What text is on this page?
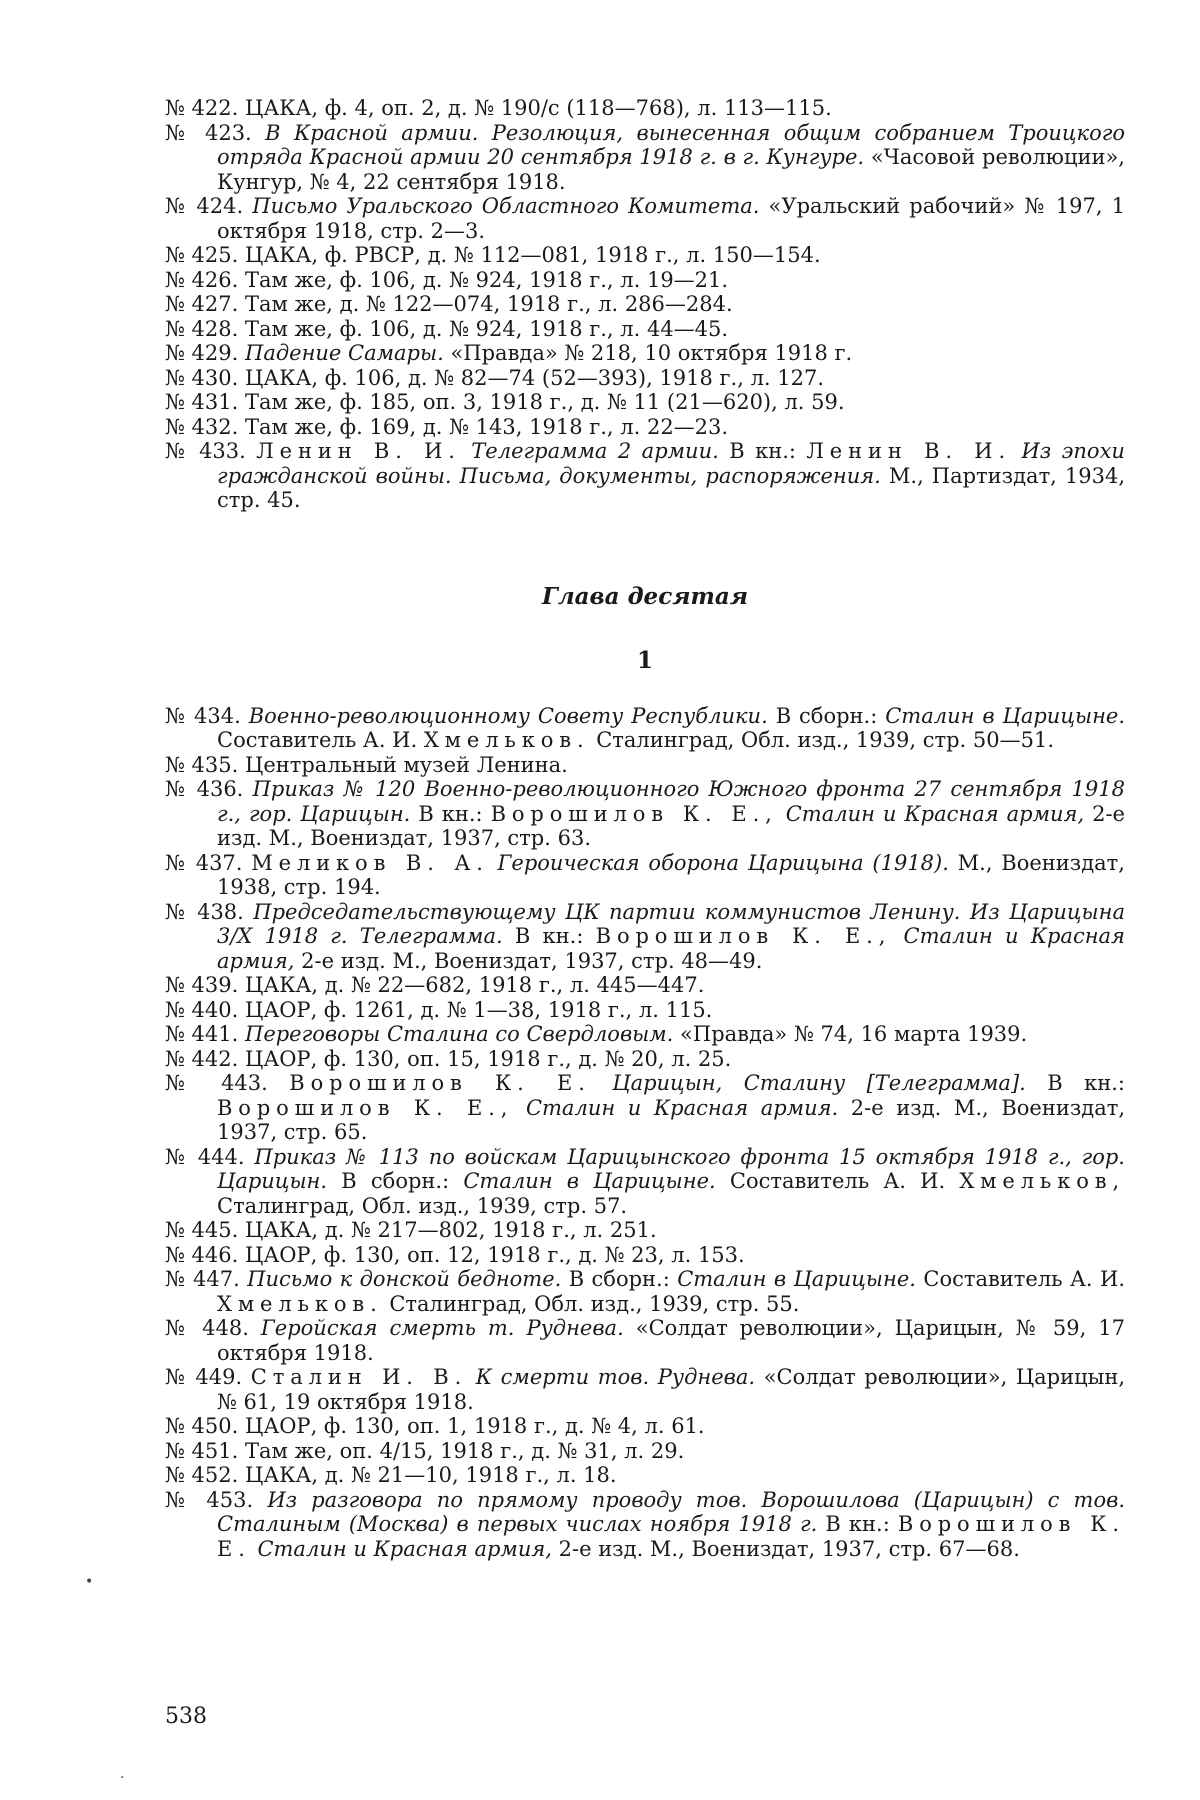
№ 422. ЦАКА, ф. 4, оп. 2, д. № 190/с (118—768), л. 113—115.
№ 423. В Красной армии. Резолюция, вынесенная общим собранием Троицкого отряда Красной армии 20 сентября 1918 г. в г. Кунгуре. «Часовой революции», Кунгур, № 4, 22 сентября 1918.
№ 424. Письмо Уральского Областного Комитета. «Уральский рабочий» № 197, 1 октября 1918, стр. 2—3.
№ 425. ЦАКА, ф. РВСР, д. № 112—081, 1918 г., л. 150—154.
№ 426. Там же, ф. 106, д. № 924, 1918 г., л. 19—21.
№ 427. Там же, д. № 122—074, 1918 г., л. 286—284.
№ 428. Там же, ф. 106, д. № 924, 1918 г., л. 44—45.
№ 429. Падение Самары. «Правда» № 218, 10 октября 1918 г.
№ 430. ЦАКА, ф. 106, д. № 82—74 (52—393), 1918 г., л. 127.
№ 431. Там же, ф. 185, оп. 3, 1918 г., д. № 11 (21—620), л. 59.
№ 432. Там же, ф. 169, д. № 143, 1918 г., л. 22—23.
№ 433. Ленин В. И. Телеграмма 2 армии. В кн.: Ленин В. И. Из эпохи гражданской войны. Письма, документы, распоряжения. М., Партиздат, 1934, стр. 45.
Глава десятая
1
№ 434. Военно-революционному Совету Республики. В сборн.: Сталин в Царицыне. Составитель А. И. Хмельков. Сталинград, Обл. изд., 1939, стр. 50—51.
№ 435. Центральный музей Ленина.
№ 436. Приказ № 120 Военно-революционного Южного фронта 27 сентября 1918 г., гор. Царицын. В кн.: Ворошилов К. Е., Сталин и Красная армия, 2-е изд. М., Воениздат, 1937, стр. 63.
№ 437. Меликов В. А. Героическая оборона Царицына (1918). М., Воениздат, 1938, стр. 194.
№ 438. Председательствующему ЦК партии коммунистов Ленину. Из Царицына 3/X 1918 г. Телеграмма. В кн.: Ворошилов К. Е., Сталин и Красная армия, 2-е изд. М., Воениздат, 1937, стр. 48—49.
№ 439. ЦАКА, д. № 22—682, 1918 г., л. 445—447.
№ 440. ЦАОР, ф. 1261, д. № 1—38, 1918 г., л. 115.
№ 441. Переговоры Сталина со Свердловым. «Правда» № 74, 16 марта 1939.
№ 442. ЦАОР, ф. 130, оп. 15, 1918 г., д. № 20, л. 25.
№ 443. Ворошилов К. Е. Царицын, Сталину [Телеграмма]. В кн.: Ворошилов К. Е., Сталин и Красная армия. 2-е изд. М., Воениздат, 1937, стр. 65.
№ 444. Приказ № 113 по войскам Царицынского фронта 15 октября 1918 г., гор. Царицын. В сборн.: Сталин в Царицыне. Составитель А. И. Хмельков, Сталинград, Обл. изд., 1939, стр. 57.
№ 445. ЦАКА, д. № 217—802, 1918 г., л. 251.
№ 446. ЦАОР, ф. 130, оп. 12, 1918 г., д. № 23, л. 153.
№ 447. Письмо к донской бедноте. В сборн.: Сталин в Царицыне. Составитель А. И. Хмельков. Сталинград, Обл. изд., 1939, стр. 55.
№ 448. Геройская смерть т. Руднева. «Солдат революции», Царицын, № 59, 17 октября 1918.
№ 449. Сталин И. В. К смерти тов. Руднева. «Солдат революции», Царицын, № 61, 19 октября 1918.
№ 450. ЦАОР, ф. 130, оп. 1, 1918 г., д. № 4, л. 61.
№ 451. Там же, оп. 4/15, 1918 г., д. № 31, л. 29.
№ 452. ЦАКА, д. № 21—10, 1918 г., л. 18.
№ 453. Из разговора по прямому проводу тов. Ворошилова (Царицын) с тов. Сталиным (Москва) в первых числах ноября 1918 г. В кн.: Ворошилов К. Е. Сталин и Красная армия, 2-е изд. М., Воениздат, 1937, стр. 67—68.
538
•
·
